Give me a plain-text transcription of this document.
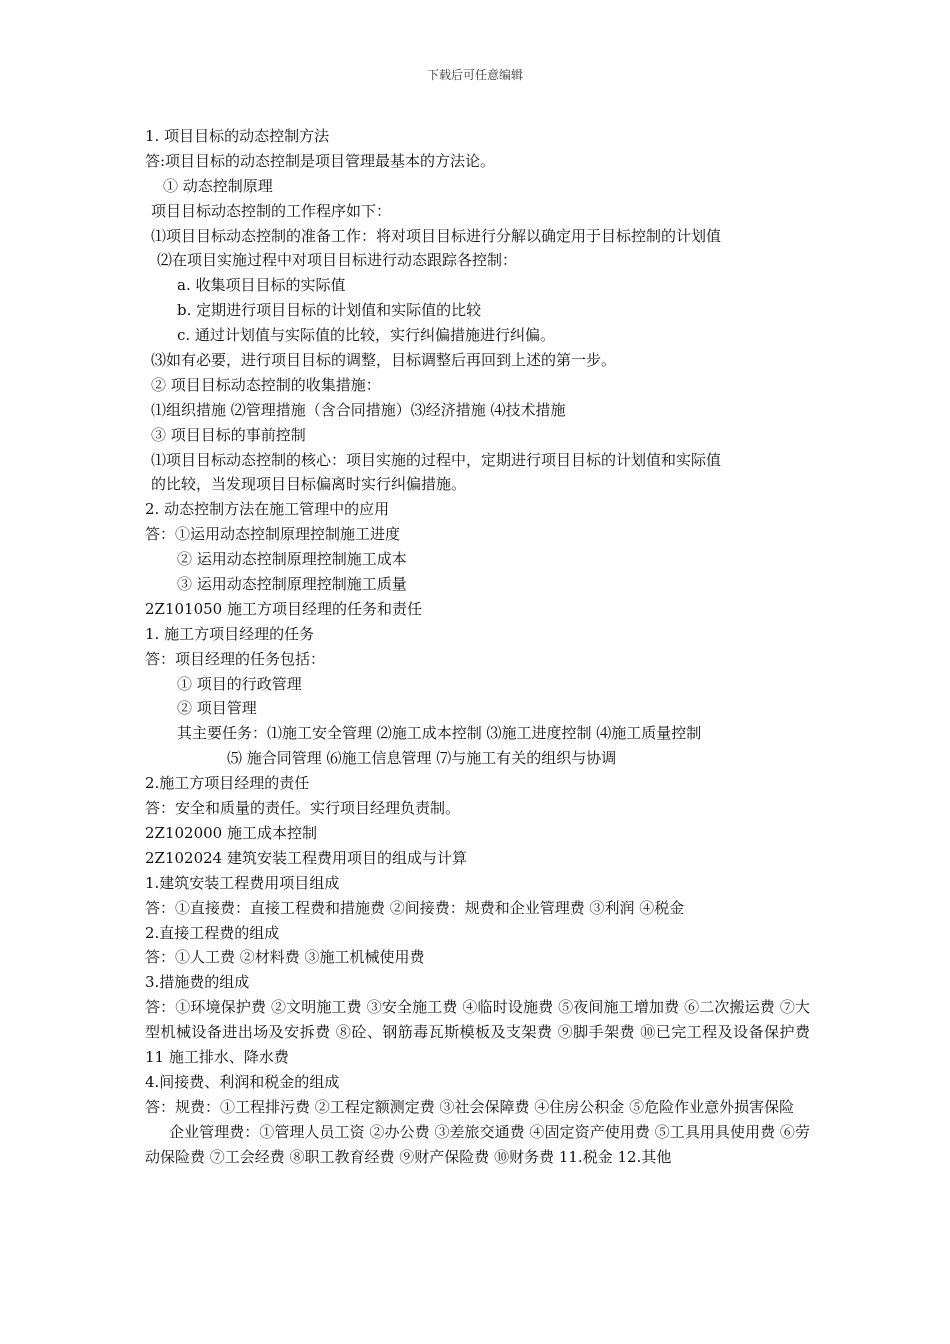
下载后可任意编辑
1. 项目目标的动态控制方法
答:项目目标的动态控制是项目管理最基本的方法论。
① 动态控制原理
项目目标动态控制的工作程序如下：
⑴项目目标动态控制的准备工作：将对项目目标进行分解以确定用于目标控制的计划值
⑵在项目实施过程中对项目目标进行动态跟踪各控制：
a. 收集项目目标的实际值
b. 定期进行项目目标的计划值和实际值的比较
c. 通过计划值与实际值的比较，实行纠偏措施进行纠偏。
⑶如有必要，进行项目目标的调整，目标调整后再回到上述的第一步。
② 项目目标动态控制的收集措施：
⑴组织措施 ⑵管理措施（含合同措施）⑶经济措施 ⑷技术措施
③ 项目目标的事前控制
⑴项目目标动态控制的核心：项目实施的过程中，定期进行项目目标的计划值和实际值
的比较，当发现项目目标偏离时实行纠偏措施。
2. 动态控制方法在施工管理中的应用
答：①运用动态控制原理控制施工进度
② 运用动态控制原理控制施工成本
③ 运用动态控制原理控制施工质量
2Z101050 施工方项目经理的任务和责任
1. 施工方项目经理的任务
答：项目经理的任务包括：
① 项目的行政管理
② 项目管理
其主要任务：⑴施工安全管理 ⑵施工成本控制 ⑶施工进度控制 ⑷施工质量控制
⑸ 施合同管理 ⑹施工信息管理 ⑺与施工有关的组织与协调
2.施工方项目经理的责任
答：安全和质量的责任。实行项目经理负责制。
2Z102000 施工成本控制
2Z102024 建筑安装工程费用项目的组成与计算
1.建筑安装工程费用项目组成
答：①直接费：直接工程费和措施费 ②间接费：规费和企业管理费 ③利润 ④税金
2.直接工程费的组成
答：①人工费 ②材料费 ③施工机械使用费
3.措施费的组成
答：①环境保护费 ②文明施工费 ③安全施工费 ④临时设施费 ⑤夜间施工增加费 ⑥二次搬运费 ⑦大型机械设备进出场及安拆费 ⑧砼、钢筋毒瓦斯模板及支架费 ⑨脚手架费 ⑩已完工程及设备保护费 11 施工排水、降水费
4.间接费、利润和税金的组成
答：规费：①工程排污费 ②工程定额测定费 ③社会保障费 ④住房公积金 ⑤危险作业意外损害保险
企业管理费：①管理人员工资 ②办公费 ③差旅交通费 ④固定资产使用费 ⑤工具用具使用费 ⑥劳动保险费 ⑦工会经费 ⑧职工教育经费 ⑨财产保险费 ⑩财务费 11.税金 12.其他
